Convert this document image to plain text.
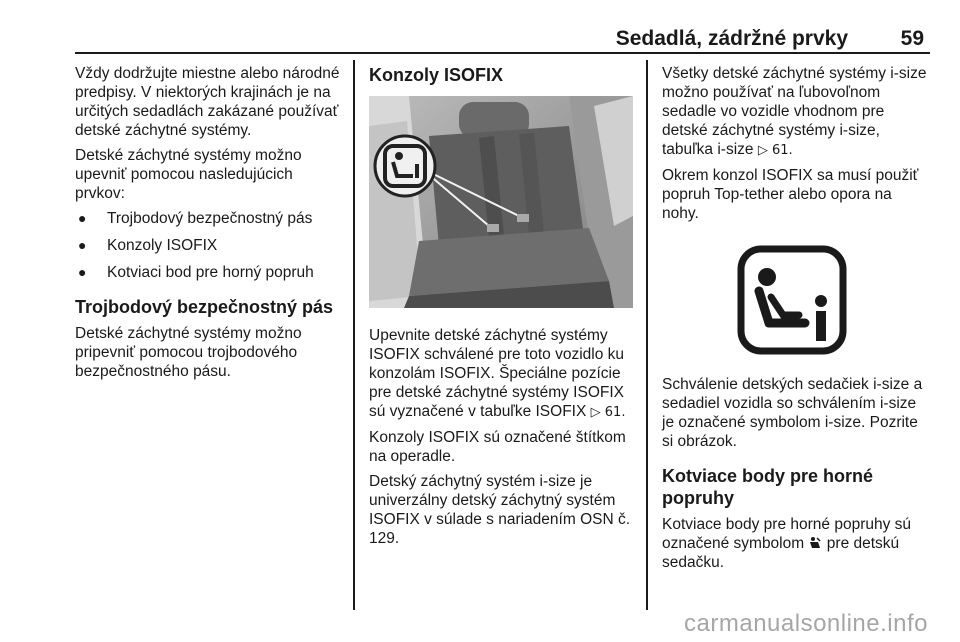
Sedadlá, zádržné prvky	59

Vždy dodržujte miestne alebo národné predpisy. V niektorých krajinách je na určitých sedadlách zakázané používať detské záchytné systémy.

Detské záchytné systémy možno upevniť pomocou nasledujúcich prvkov:

● Trojbodový bezpečnostný pás
● Konzoly ISOFIX
● Kotviaci bod pre horný popruh
Trojbodový bezpečnostný pás

Detské záchytné systémy možno pripevniť pomocou trojbodového bezpečnostného pásu.

Konzoly ISOFIX

Upevnite detské záchytné systémy ISOFIX schválené pre toto vozidlo ku konzolám ISOFIX. Špeciálne pozície pre detské záchytné systémy ISOFIX sú vyznačené v tabuľke ISOFIX ▷ 61.

Konzoly ISOFIX sú označené štítkom na operadle.

Detský záchytný systém i-size je univerzálny detský záchytný systém ISOFIX v súlade s nariadením OSN č. 129.

Všetky detské záchytné systémy i-size možno používať na ľubovoľnom sedadle vo vozidle vhodnom pre detské záchytné systémy i-size, tabuľka i-size ▷ 61.

Okrem konzol ISOFIX sa musí použiť popruh Top-tether alebo opora na nohy.

Schválenie detských sedačiek i-size a sedadiel vozidla so schválením i-size je označené symbolom i-size. Pozrite si obrázok.

Kotviace body pre horné popruhy

Kotviace body pre horné popruhy sú označené symbolom pre detskú sedačku.

carmanualsonline.info
